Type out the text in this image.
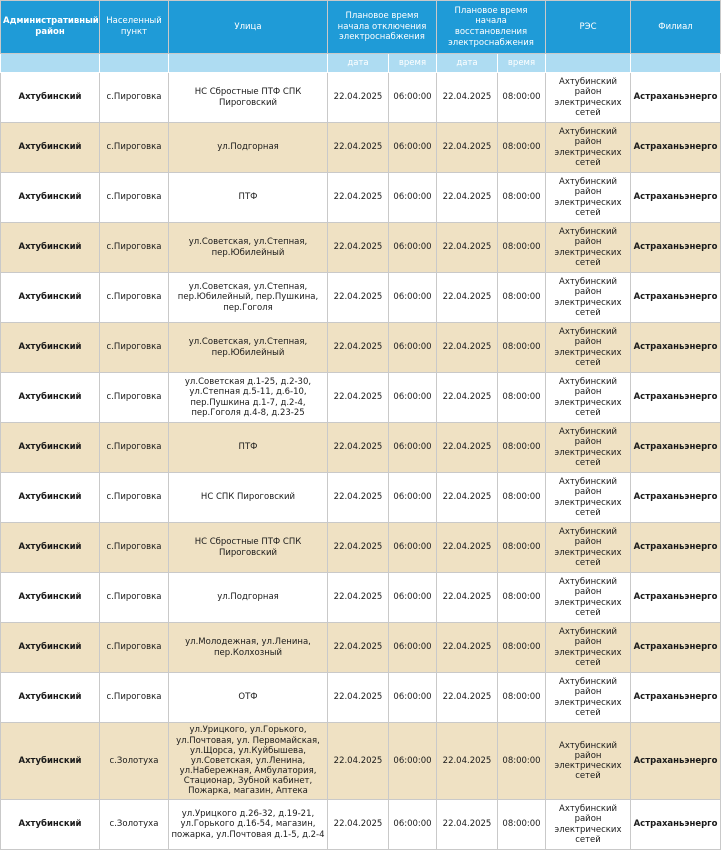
Административный район	Населенный пункт	Улица	Плановое время начала отключения электроснабжения		Плановое время начала восстановления электроснабжения		РЭС	Филиал
			дата	время	дата	время		
Ахтубинский	с.Пироговка	НС Сбростные ПТФ СПК Пироговский	22.04.2025	06:00:00	22.04.2025	08:00:00	Ахтубинский район электрических сетей	Астраханьэнерго
Ахтубинский	с.Пироговка	ул.Подгорная	22.04.2025	06:00:00	22.04.2025	08:00:00	Ахтубинский район электрических сетей	Астраханьэнерго
Ахтубинский	с.Пироговка	ПТФ	22.04.2025	06:00:00	22.04.2025	08:00:00	Ахтубинский район электрических сетей	Астраханьэнерго
Ахтубинский	с.Пироговка	ул.Советская, ул.Степная, пер.Юбилейный	22.04.2025	06:00:00	22.04.2025	08:00:00	Ахтубинский район электрических сетей	Астраханьэнерго
Ахтубинский	с.Пироговка	ул.Советская, ул.Степная, пер.Юбилейный, пер.Пушкина, пер.Гоголя	22.04.2025	06:00:00	22.04.2025	08:00:00	Ахтубинский район электрических сетей	Астраханьэнерго
Ахтубинский	с.Пироговка	ул.Советская, ул.Степная, пер.Юбилейный	22.04.2025	06:00:00	22.04.2025	08:00:00	Ахтубинский район электрических сетей	Астраханьэнерго
Ахтубинский	с.Пироговка	ул.Советская д.1-25, д.2-30, ул.Степная д.5-11, д.6-10, пер.Пушкина д.1-7, д.2-4, пер.Гоголя д.4-8, д.23-25	22.04.2025	06:00:00	22.04.2025	08:00:00	Ахтубинский район электрических сетей	Астраханьэнерго
Ахтубинский	с.Пироговка	ПТФ	22.04.2025	06:00:00	22.04.2025	08:00:00	Ахтубинский район электрических сетей	Астраханьэнерго
Ахтубинский	с.Пироговка	НС СПК Пироговский	22.04.2025	06:00:00	22.04.2025	08:00:00	Ахтубинский район электрических сетей	Астраханьэнерго
Ахтубинский	с.Пироговка	НС Сбростные ПТФ СПК Пироговский	22.04.2025	06:00:00	22.04.2025	08:00:00	Ахтубинский район электрических сетей	Астраханьэнерго
Ахтубинский	с.Пироговка	ул.Подгорная	22.04.2025	06:00:00	22.04.2025	08:00:00	Ахтубинский район электрических сетей	Астраханьэнерго
Ахтубинский	с.Пироговка	ул.Молодежная, ул.Ленина, пер.Колхозный	22.04.2025	06:00:00	22.04.2025	08:00:00	Ахтубинский район электрических сетей	Астраханьэнерго
Ахтубинский	с.Пироговка	ОТФ	22.04.2025	06:00:00	22.04.2025	08:00:00	Ахтубинский район электрических сетей	Астраханьэнерго
Ахтубинский	с.Золотуха	ул.Урицкого, ул.Горького, ул.Почтовая, ул. Первомайская, ул.Щорса, ул.Куйбышева, ул.Советская, ул.Ленина, ул.Набережная, Амбулатория, Стационар, Зубной кабинет, Пожарка, магазин, Аптека	22.04.2025	06:00:00	22.04.2025	08:00:00	Ахтубинский район электрических сетей	Астраханьэнерго
Ахтубинский	с.Золотуха	ул.Урицкого д.26-32, д.19-21, ул.Горького д.16-54, магазин, пожарка, ул.Почтовая д.1-5, д.2-4	22.04.2025	06:00:00	22.04.2025	08:00:00	Ахтубинский район электрических сетей	Астраханьэнерго
